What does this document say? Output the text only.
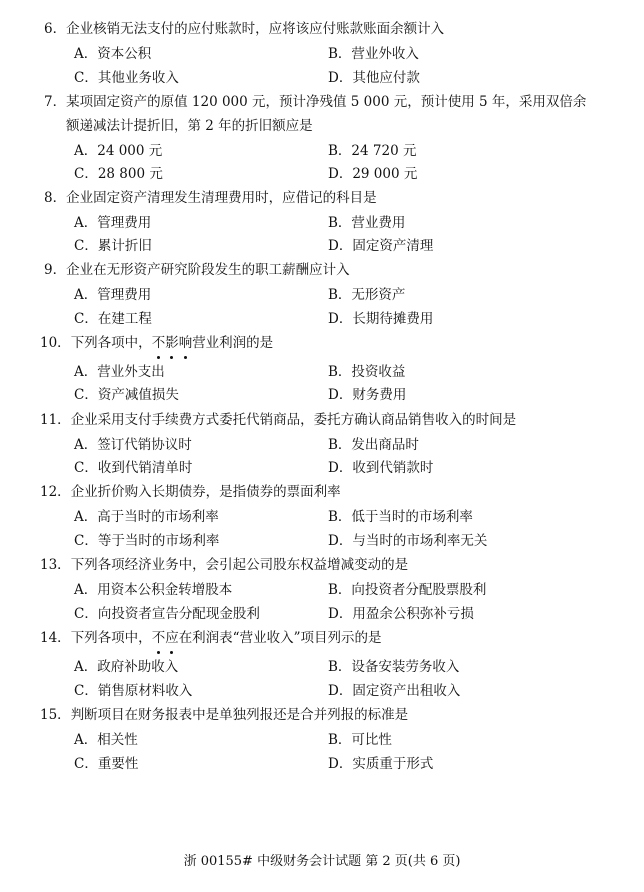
6．企业核销无法支付的应付账款时，应将该应付账款账面余额计入
A．资本公积	B．营业外收入
C．其他业务收入	D．其他应付款
7．某项固定资产的原值 120 000 元，预计净残值 5 000 元，预计使用 5 年，采用双倍余
额递减法计提折旧，第 2 年的折旧额应是
A．24 000 元	B．24 720 元
C．28 800 元	D．29 000 元
8．企业固定资产清理发生清理费用时，应借记的科目是
A．管理费用	B．营业费用
C．累计折旧	D．固定资产清理
9．企业在无形资产研究阶段发生的职工薪酬应计入
A．管理费用	B．无形资产
C．在建工程	D．长期待摊费用
10．下列各项中，不
影
响
营业利润的是
A．营业外支出	B．投资收益
C．资产减值损失	D．财务费用
11．企业采用支付手续费方式委托代销商品，委托方确认商品销售收入的时间是
A．签订代销协议时	B．发出商品时
C．收到代销清单时	D．收到代销款时
12．企业折价购入长期债券，是指债券的票面利率
A．高于当时的市场利率	B．低于当时的市场利率
C．等于当时的市场利率	D．与当时的市场利率无关
13．下列各项经济业务中，会引起公司股东权益增减变动的是
A．用资本公积金转增股本	B．向投资者分配股票股利
C．向投资者宣告分配现金股利	D．用盈余公积弥补亏损
14．下列各项中，不
应
在利润表“营业收入”项目列示的是
A．政府补助收入	B．设备安装劳务收入
C．销售原材料收入	D．固定资产出租收入
15．判断项目在财务报表中是单独列报还是合并列报的标准是
A．相关性	B．可比性
C．重要性	D．实质重于形式
浙 00155# 中级财务会计试题 第 2 页(共 6 页)
